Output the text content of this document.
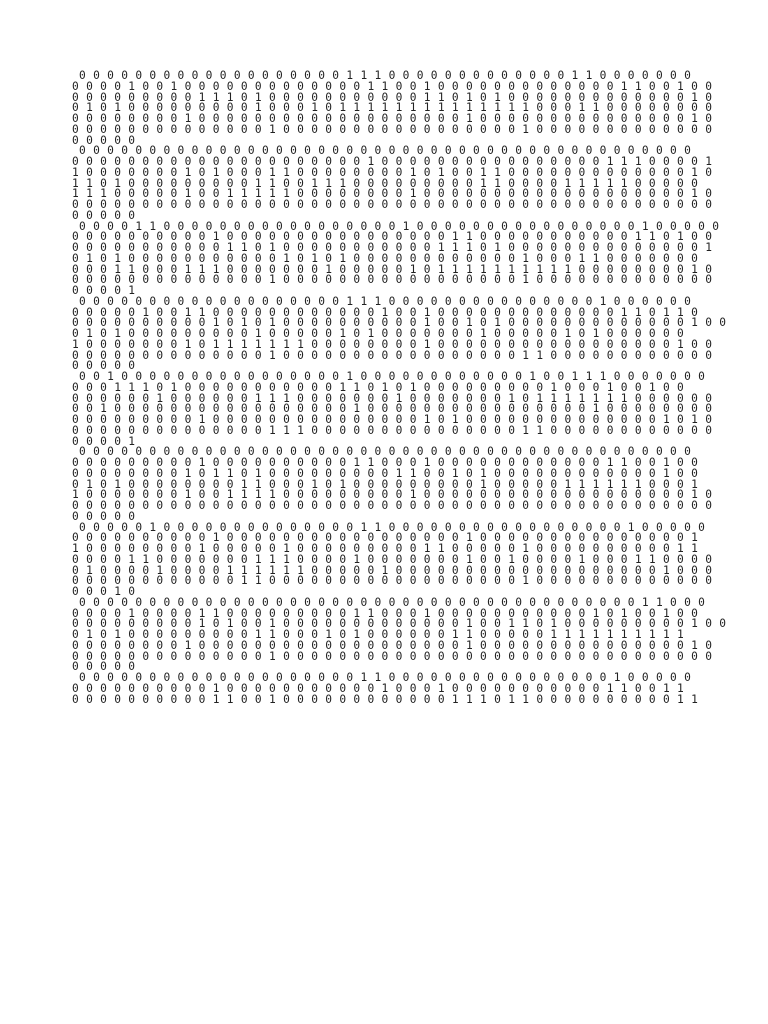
0 0 0 0 0 0 0 0 0 0 0 0 0 0 0 0 0 0 0 1 1 1 0 0 0 0 0 0 0 0 0 0 0 0 0 1 1 0 0 0 0 0 0 0
0 0 0 0 1 0 0 1 0 0 0 0 0 0 0 0 0 0 0 0 0 1 1 0 0 1 0 0 0 0 0 0 0 0 0 0 0 0 0 1 1 0 0 1 0 0
0 0 0 0 0 0 0 0 0 1 1 1 0 1 0 0 0 0 0 0 0 0 0 0 0 1 1 0 1 0 1 0 0 0 0 0 0 0 0 0 0 0 0 0 1 0
0 1 0 1 0 0 0 0 0 0 0 0 0 1 0 0 0 1 0 1 1 1 1 1 1 1 1 1 1 1 1 1 1 0 0 0 1 1 0 0 0 0 0 0 0 0
0 0 0 0 0 0 0 0 1 0 0 0 0 0 0 0 0 0 0 0 0 0 0 0 0 0 0 0 1 0 0 0 0 0 0 0 0 0 0 0 0 0 0 0 1 0
0 0 0 0 0 0 0 0 0 0 0 0 0 0 1 0 0 0 0 0 0 0 0 0 0 0 0 0 0 0 0 0 1 0 0 0 0 0 0 0 0 0 0 0 0 0
0 0 0 0 0
0 0 0 0 0 0 0 0 0 0 0 0 0 0 0 0 0 0 0 0 0 0 0 0 0 0 0 0 0 0 0 0 0 0 0 0 0 0 0 0 0 0 0 0
0 0 0 0 0 0 0 0 0 0 0 0 0 0 0 0 0 0 0 0 0 1 0 0 0 0 0 0 0 0 0 0 0 0 0 0 0 0 1 1 1 0 0 0 0 1
1 0 0 0 0 0 0 0 1 0 1 0 0 0 1 1 0 0 0 0 0 0 0 0 1 0 1 0 0 1 1 0 0 0 0 0 0 0 0 0 0 0 0 0 1 0
1 1 0 1 0 0 0 0 0 0 0 0 0 1 1 0 0 1 1 1 0 0 0 0 0 0 0 0 0 1 1 0 0 0 0 1 1 1 1 1 0 0 0 0 0
1 1 1 0 0 0 0 0 1 0 0 1 1 1 1 1 0 0 0 0 0 0 0 0 1 0 0 0 0 0 0 0 0 0 0 0 0 0 0 0 0 0 0 0 1 0
0 0 0 0 0 0 0 0 0 0 0 0 0 0 0 0 0 0 0 0 0 0 0 0 0 0 0 0 0 0 0 0 0 0 0 0 0 0 0 0 0 0 0 0 0 0
0 0 0 0 0
0 0 0 0 1 1 0 0 0 0 0 0 0 0 0 0 0 0 0 0 0 0 0 1 0 0 0 0 0 0 0 0 0 0 0 0 0 0 0 0 1 0 0 0 0 0
0 0 0 0 0 0 0 0 0 0 1 0 0 0 0 0 0 0 0 0 0 0 0 0 0 0 0 1 1 0 0 0 0 0 0 0 0 0 0 0 1 1 0 1 0 0
0 0 0 0 0 0 0 0 0 0 0 1 1 0 1 0 0 0 0 0 0 0 0 0 0 0 1 1 1 0 1 0 0 0 0 0 0 0 0 0 0 0 0 0 0 1
0 1 0 1 0 0 0 0 0 0 0 0 0 0 0 1 0 1 0 1 0 0 0 0 0 0 0 0 0 0 0 0 1 0 0 0 1 1 0 0 0 0 0 0 0
0 0 0 1 1 0 0 0 1 1 1 0 0 0 0 0 0 0 1 0 0 0 0 0 1 0 1 1 1 1 1 1 1 1 1 1 0 0 0 0 0 0 0 0 1 0
0 0 0 0 0 0 0 0 0 0 0 0 0 0 1 0 0 0 0 0 0 0 0 0 0 0 0 0 0 0 0 0 1 0 0 0 0 0 0 0 0 0 0 0 0 0
0 0 0 0 1
0 0 0 0 0 0 0 0 0 0 0 0 0 0 0 0 0 0 0 1 1 1 0 0 0 0 0 0 0 0 0 0 0 0 0 0 0 1 0 0 0 0 0 0
0 0 0 0 0 1 0 0 1 1 0 0 0 0 0 0 0 0 0 0 0 0 1 0 0 1 0 0 0 0 0 0 0 0 0 0 0 0 0 1 1 0 1 1 0
0 0 0 0 0 0 0 0 0 0 1 0 1 0 1 0 0 0 0 0 0 0 0 0 0 1 0 0 1 0 1 0 0 0 0 0 0 0 0 0 0 0 0 0 1 0 0
0 1 0 1 0 0 0 0 0 0 0 0 0 1 0 0 0 0 0 1 0 1 0 0 0 0 0 0 0 1 0 0 0 0 0 1 0 1 0 0 0 0 0 0
1 0 0 0 0 0 0 0 1 0 1 1 1 1 1 1 1 0 0 0 0 0 0 0 0 1 0 0 0 0 0 0 0 0 0 0 0 0 0 0 0 0 0 1 0 0
0 0 0 0 0 0 0 0 0 0 0 0 0 0 1 0 0 0 0 0 0 0 0 0 0 0 0 0 0 0 0 0 1 1 0 0 0 0 0 0 0 0 0 0 0 0
0 0 0 0 0
0 0 1 0 0 0 0 0 0 0 0 0 0 0 0 0 0 0 0 1 0 0 0 0 0 0 0 0 0 0 0 0 1 0 0 1 1 1 0 0 0 0 0 0 0
0 0 0 1 1 1 0 1 0 0 0 0 0 0 0 0 0 0 0 1 1 0 1 0 1 0 0 0 0 0 0 0 0 0 1 0 0 0 1 0 0 1 0 0
0 0 0 0 0 0 1 0 0 0 0 0 0 1 1 1 0 0 0 0 0 0 0 1 0 0 0 0 0 0 0 1 0 1 1 1 1 1 1 1 0 0 0 0 0 0
0 0 1 0 0 0 0 0 0 0 0 0 0 0 0 0 0 0 0 0 1 0 0 0 0 0 0 0 0 0 0 0 0 0 0 0 0 1 0 0 0 0 0 0 0 0
0 0 0 0 0 0 0 0 0 1 0 0 0 0 0 0 0 0 0 0 0 0 0 0 0 1 0 1 0 0 0 0 0 0 0 0 0 0 0 0 0 0 1 0 1 0
0 0 0 0 0 0 0 0 0 0 0 0 0 0 1 1 1 0 0 0 0 0 0 0 0 0 0 0 0 0 0 0 1 1 0 0 0 0 0 0 0 0 0 0 0 0
0 0 0 0 1
0 0 0 0 0 0 0 0 0 0 0 0 0 0 0 0 0 0 0 0 0 0 0 0 0 0 0 0 0 0 0 0 0 0 0 0 0 0 0 0 0 0 0 0
0 0 0 0 0 0 0 0 0 1 0 0 0 0 0 0 0 0 0 0 1 1 0 0 0 1 0 0 0 0 0 0 0 0 0 0 0 0 1 1 0 0 1 0 0
0 0 0 0 0 0 0 0 1 0 1 1 0 1 0 0 0 0 0 0 0 0 0 1 1 0 0 1 0 1 0 0 0 0 0 0 0 0 0 0 0 0 1 0 0
0 1 0 1 0 0 0 0 0 0 0 0 1 1 0 0 0 1 0 1 0 0 0 0 0 0 0 0 0 1 0 0 0 0 0 1 1 1 1 1 1 0 0 0 1
1 0 0 0 0 0 0 0 1 0 0 1 1 1 1 0 0 0 0 0 0 0 0 0 1 0 0 0 0 0 0 0 0 0 0 0 0 0 0 0 0 0 0 0 1 0
0 0 0 0 0 0 0 0 0 0 0 0 0 0 0 0 0 0 0 0 0 0 0 0 0 0 0 0 0 0 0 0 0 0 0 0 0 0 0 0 0 0 0 0 0 0
0 0 0 0 0
0 0 0 0 0 1 0 0 0 0 0 0 0 0 0 0 0 0 0 0 1 1 0 0 0 0 0 0 0 0 0 0 0 0 0 0 0 0 0 1 0 0 0 0 0
0 0 0 0 0 0 0 0 0 0 1 0 0 0 0 0 0 0 0 0 0 0 0 0 0 0 0 0 1 0 0 0 0 0 0 0 0 0 0 0 0 0 0 0 1
1 0 0 0 0 0 0 0 0 1 0 0 0 0 0 1 0 0 0 0 0 0 0 0 0 1 1 0 0 0 0 0 1 0 0 0 0 0 0 0 0 0 0 1 1
0 0 0 0 1 1 0 0 0 0 0 0 0 1 1 1 0 0 0 0 1 0 0 0 0 0 0 0 1 0 0 1 0 0 0 0 1 0 0 0 1 1 0 0 0 0
0 1 0 0 0 0 1 0 0 0 0 1 1 1 1 1 1 0 0 0 0 0 1 0 0 0 0 0 0 0 0 0 0 0 0 0 0 0 0 0 0 0 1 0 0 0
0 0 0 0 0 0 0 0 0 0 0 0 1 1 0 0 0 0 0 0 0 0 0 0 0 0 0 0 0 0 0 0 1 0 0 0 0 0 0 0 0 0 0 0 0 0
0 0 0 1 0
0 0 0 0 0 0 0 0 0 0 0 0 0 0 0 0 0 0 0 0 0 0 0 0 0 0 0 0 0 0 0 0 0 0 0 0 0 0 0 0 1 1 0 0 0
0 0 0 0 1 0 0 0 0 1 1 0 0 0 0 0 0 0 0 0 1 1 0 0 0 1 0 0 0 0 0 0 0 0 0 0 0 1 0 1 0 0 1 0 0
0 0 0 0 0 0 0 0 0 1 0 1 0 0 1 0 0 0 0 0 0 0 0 0 0 0 0 0 1 0 0 1 1 0 1 0 0 0 0 0 0 0 0 0 1 0 0
0 1 0 1 0 0 0 0 0 0 0 0 0 1 1 0 0 0 1 0 1 0 0 0 0 0 0 1 1 0 0 0 0 0 1 1 1 1 1 1 1 1 1 1
0 0 0 0 0 0 0 0 1 0 0 0 0 0 0 0 0 0 0 0 0 0 0 0 0 0 0 0 1 0 0 0 0 0 0 0 0 0 0 0 0 0 0 0 1 0
0 0 0 0 0 0 0 0 0 0 0 0 0 0 1 0 0 0 0 0 0 0 0 0 0 0 0 0 0 0 0 0 0 0 0 0 0 0 0 0 0 0 0 0 0 0
0 0 0 0 0
0 0 0 0 0 0 0 0 0 0 0 0 0 0 0 0 0 0 0 0 1 1 0 0 0 0 0 0 0 0 0 0 0 0 0 0 0 0 1 0 0 0 0 0
0 0 0 0 0 0 0 0 0 0 1 0 0 0 0 0 0 0 0 0 0 0 1 0 0 0 1 0 0 0 0 0 0 0 0 0 0 0 1 1 0 0 1 1
0 0 0 0 0 0 0 0 0 0 1 1 0 0 1 0 0 0 0 0 0 0 0 0 0 0 0 1 1 1 0 1 1 0 0 0 0 0 0 0 0 0 0 1 1
